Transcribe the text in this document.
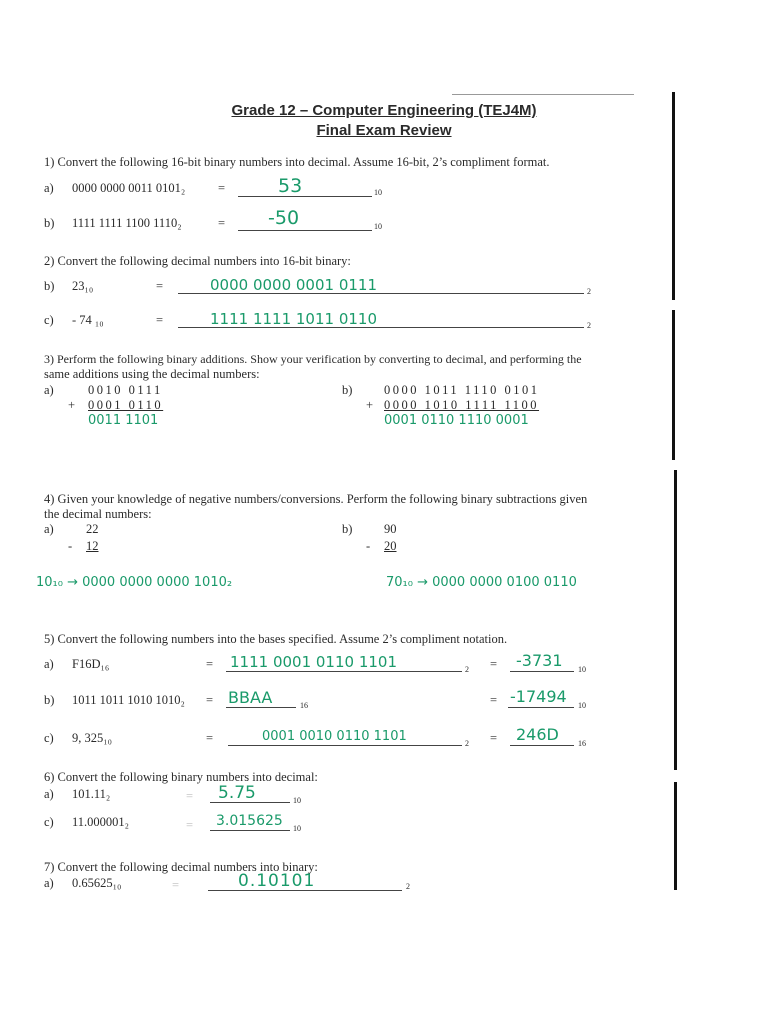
Grade 12 – Computer Engineering (TEJ4M)
Final Exam Review
1) Convert the following 16-bit binary numbers into decimal. Assume 16-bit, 2’s compliment format.
a) 0000 0000 0011 0101₂	=	53	10
b) 1111 1111 1100 1110₂	= -50	10
2) Convert the following decimal numbers into 16-bit binary:
b) 23₁₀	=	0000 0000 0001 0111	2
c) - 74 ₁₀	=	1111 1111 1011 0110	2
3) Perform the following binary additions. Show your verification by converting to decimal, and performing the
same additions using the decimal numbers:
a)	0010 0111
+ 0001 0110
0011 1101
b)	0000 1011 1110 0101
+ 0000 1010 1111 1100
0001 0110 1110 0001
4) Given your knowledge of negative numbers/conversions. Perform the following binary subtractions given
the decimal numbers:
a)	22
- 12
b)	90
- 20
10₁₀ → 0000 0000 0000 1010₂	70₁₀ → 0000 0000 0100 0110
5) Convert the following numbers into the bases specified. Assume 2’s compliment notation.
a) F16D₁₆	= 1111 0001 0110 1101	2 = -3731 10
b) 1011 1011 1010 1010₂ = BBAA	16	= -17494 10
c) 9, 325₁₀	=	0001 0010 0110 1101	2 = 246D 16
6) Convert the following binary numbers into decimal:
a) 101.11₂	= 5.75	10
c) 11.000001₂	= 3.015625 10
7) Convert the following decimal numbers into binary:
a) 0.65625₁₀	=	0.10101	2
